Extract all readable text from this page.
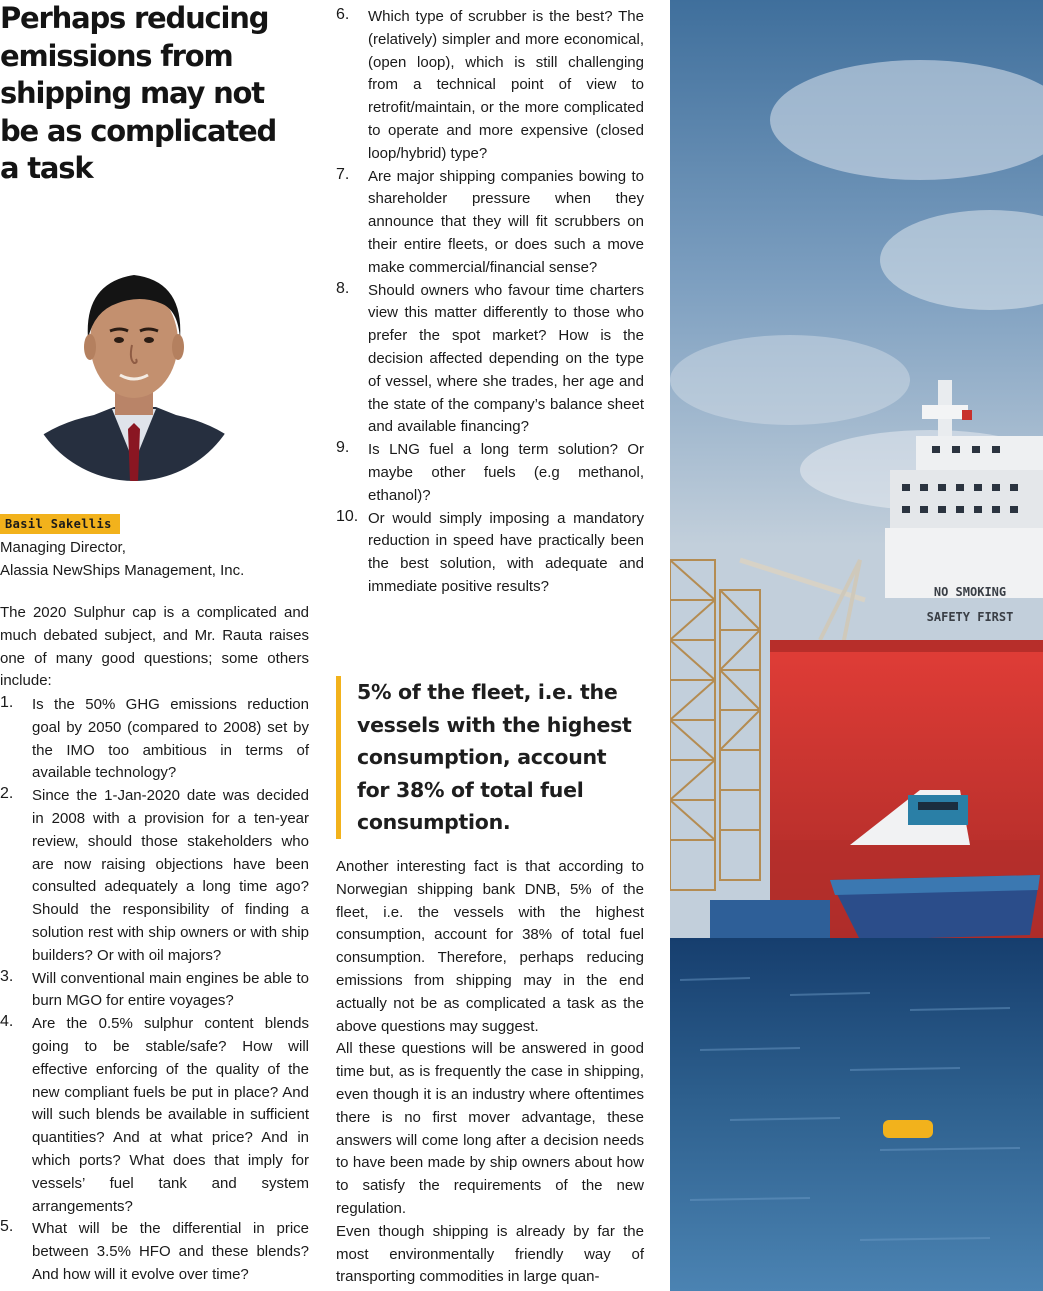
Perhaps reducing
emissions from
shipping may not
be as complicated
a task
Basil Sakellis
Managing Director,
Alassia NewShips Management, Inc.

The 2020 Sulphur cap is a complicated and much debated subject, and Mr. Rauta raises one of many good questions; some others include:

1. Is the 50% GHG emissions reduction goal by 2050 (compared to 2008) set by the IMO too ambitious in terms of available technology?
2. Since the 1-Jan-2020 date was decided in 2008 with a provision for a ten-year review, should those stakeholders who are now raising objections have been consulted adequately a long time ago? Should the responsibility of finding a solution rest with ship owners or with ship builders? Or with oil majors?
3. Will conventional main engines be able to burn MGO for entire voyages?
4. Are the 0.5% sulphur content blends going to be stable/safe? How will effective enforcing of the quality of the new compliant fuels be put in place? And will such blends be available in sufficient quantities? And at what price? And in which ports? What does that imply for vessels’ fuel tank and system arrangements?
5. What will be the differential in price between 3.5% HFO and these blends? And how will it evolve over time?
6. Which type of scrubber is the best? The (relatively) simpler and more economical, (open loop), which is still challenging from a technical point of view to retrofit/maintain, or the more complicated to operate and more expensive (closed loop/hybrid) type?
7. Are major shipping companies bowing to shareholder pressure when they announce that they will fit scrubbers on their entire fleets, or does such a move make commercial/financial sense?
8. Should owners who favour time charters view this matter differently to those who prefer the spot market? How is the decision affected depending on the type of vessel, where she trades, her age and the state of the company’s balance sheet and available financing?
9. Is LNG fuel a long term solution? Or maybe other fuels (e.g methanol, ethanol)?
10. Or would simply imposing a mandatory reduction in speed have practically been the best solution, with adequate and immediate positive results?
5% of the fleet, i.e. the
vessels with the highest
consumption, account
for 38% of total fuel
consumption.

Another interesting fact is that according to Norwegian shipping bank DNB, 5% of the fleet, i.e. the vessels with the highest consumption, account for 38% of total fuel consumption. Therefore, perhaps reducing emissions from shipping may in the end actually not be as complicated a task as the above questions may suggest.

All these questions will be answered in good time but, as is frequently the case in shipping, even though it is an industry where oftentimes there is no first mover advantage, these answers will come long after a decision needs to have been made by ship owners about how to satisfy the requirements of the new regulation.

Even though shipping is already by far the most environmentally friendly way of transporting commodities in large quan-

NO SMOKING
SAFETY FIRST
